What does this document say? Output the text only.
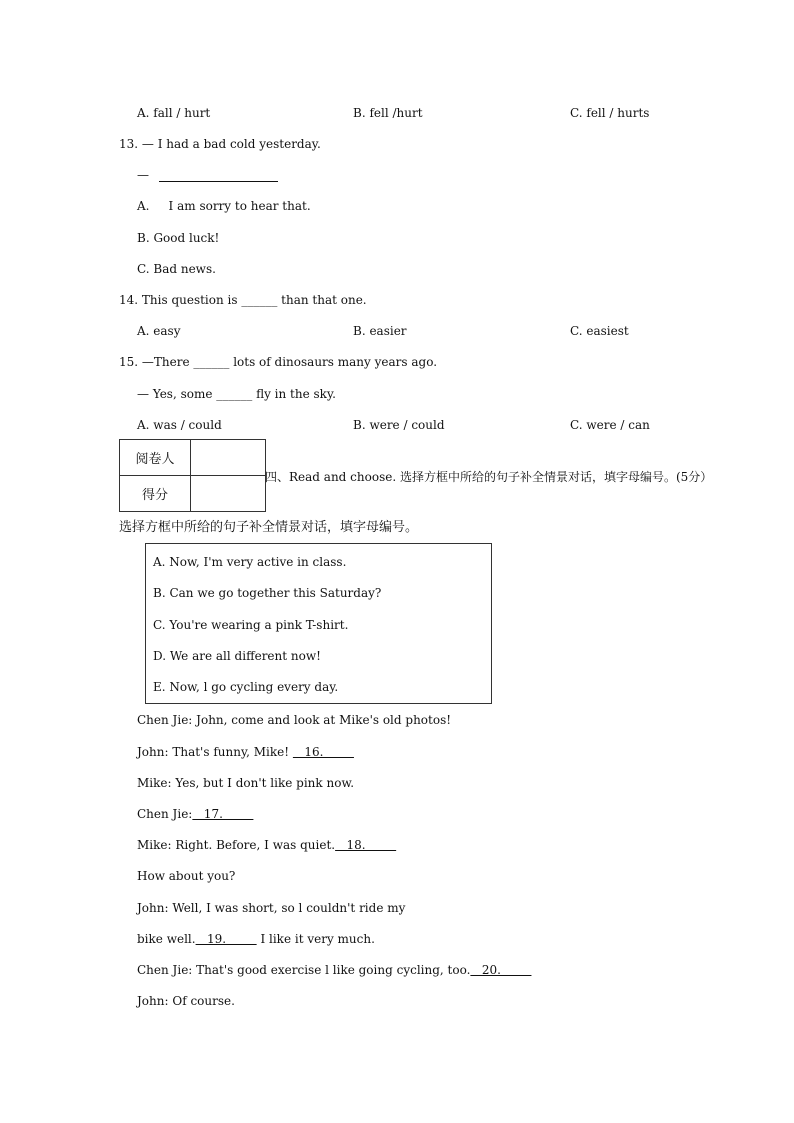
A. fall / hurt	B. fell /hurt	C. fell / hurts
13. — I had a bad cold yesterday.
—
A.     I am sorry to hear that.
B. Good luck!
C. Bad news.
14. This question is ______ than that one.
A. easy	B. easier	C. easiest
15. —There ______ lots of dinosaurs many years ago.
— Yes, some ______ fly in the sky.
A. was / could	B. were / could	C. were / can
阅卷人	
得分	
四、Read and choose. 选择方框中所给的句子补全情景对话，填字母编号。(5分）
选择方框中所给的句子补全情景对话，填字母编号。
A. Now, I'm very active in class.
B. Can we go together this Saturday?
C. You're wearing a pink T-shirt.
D. We are all different now!
E. Now, l go cycling every day.
Chen Jie: John, come and look at Mike's old photos!
John: That's funny, Mike!    16.
Mike: Yes, but I don't like pink now.
Chen Jie:   17.
Mike: Right. Before, I was quiet.   18.
How about you?
John: Well, I was short, so l couldn't ride my
bike well.   19.         I like it very much.
Chen Jie: That's good exercise l like going cycling, too.   20.
John: Of course.
